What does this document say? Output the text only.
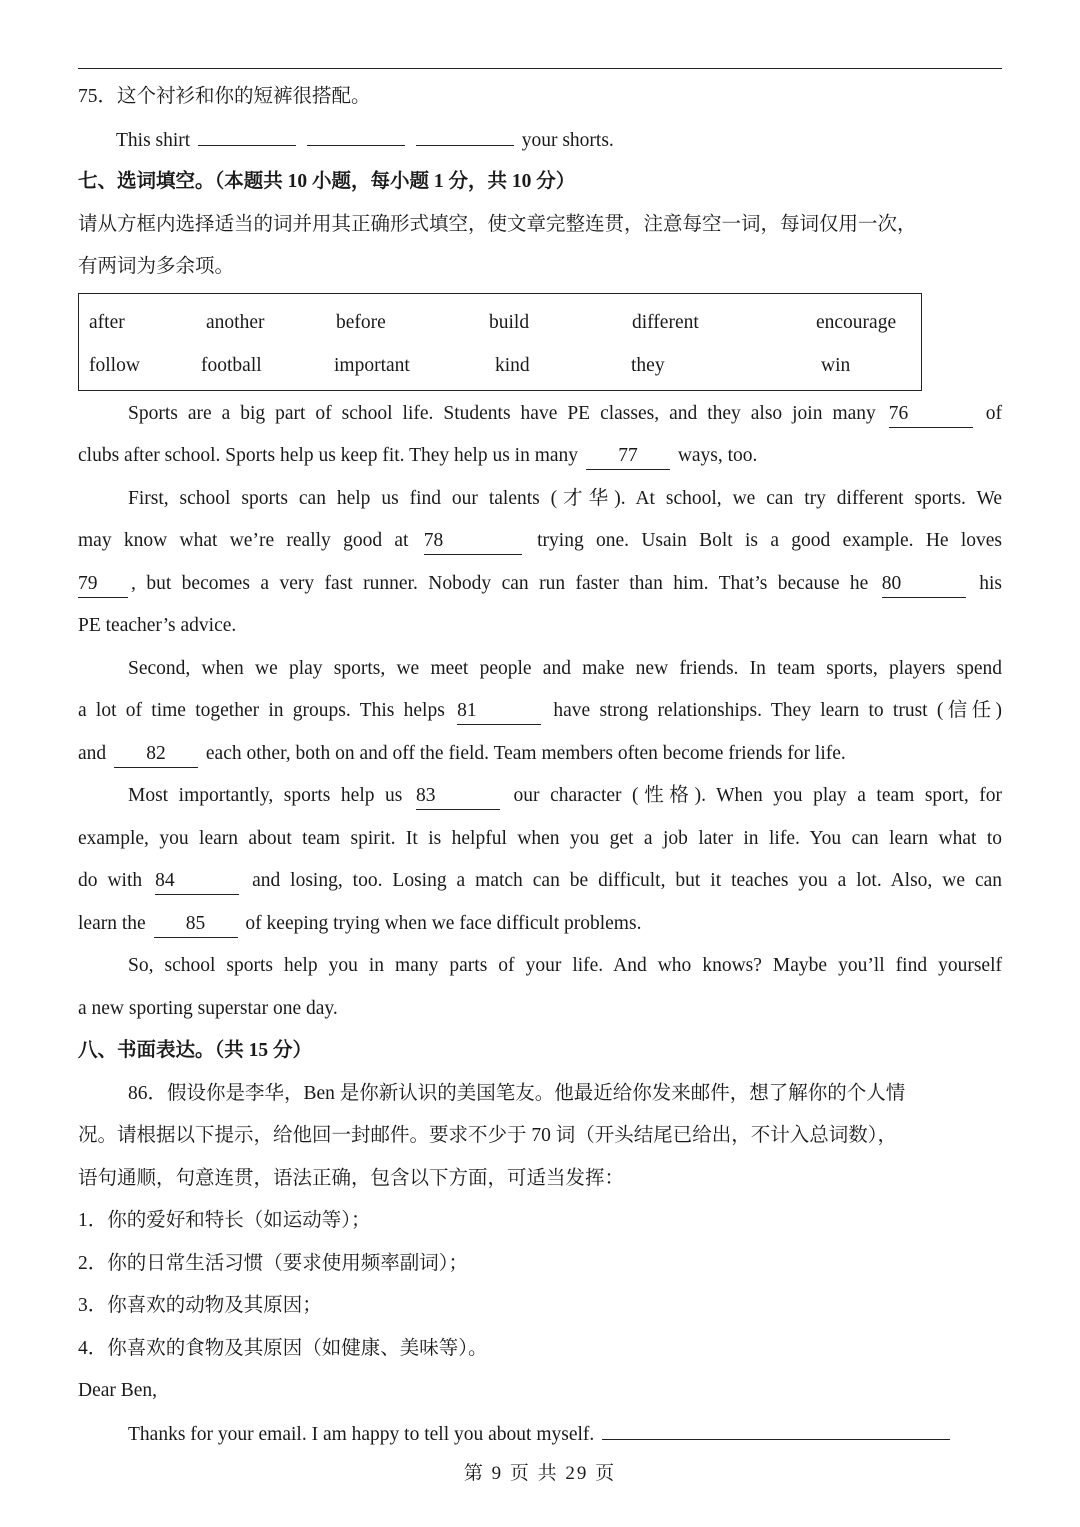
75．这个衬衫和你的短裤很搭配。
This shirt	your shorts.
七、选词填空。（本题共 10 小题，每小题 1 分，共 10 分）
请从方框内选择适当的词并用其正确形式填空，使文章完整连贯，注意每空一词，每词仅用一次，
有两词为多余项。
after	another	before	build	different	encourage
follow	football	important	kind	they	win
Sports are a big part of school life. Students have PE classes, and they also join many 76	of
clubs after school. Sports help us keep fit. They help us in many 77 ways, too.
First, school sports can help us find our talents (才华). At school, we can try different sports. We
may know what we’re really good at 78	trying one. Usain Bolt is a good example. He loves
79 , but becomes a very fast runner. Nobody can run faster than him. That’s because he 80	his
PE teacher’s advice.
Second, when we play sports, we meet people and make new friends. In team sports, players spend
a lot of time together in groups. This helps 81	have strong relationships. They learn to trust (信任)
and 82 each other, both on and off the field. Team members often become friends for life.
Most importantly, sports help us 83	our character (性格). When you play a team sport, for
example, you learn about team spirit. It is helpful when you get a job later in life. You can learn what to
do with 84	and losing, too. Losing a match can be difficult, but it teaches you a lot. Also, we can
learn the 85 of keeping trying when we face difficult problems.
So, school sports help you in many parts of your life. And who knows? Maybe you’ll find yourself
a new sporting superstar one day.
八、书面表达。（共 15 分）
86．假设你是李华，Ben 是你新认识的美国笔友。他最近给你发来邮件，想了解你的个人情
况。请根据以下提示，给他回一封邮件。要求不少于 70 词（开头结尾已给出，不计入总词数），
语句通顺，句意连贯，语法正确，包含以下方面，可适当发挥：
1．你的爱好和特长（如运动等）；
2．你的日常生活习惯（要求使用频率副词）；
3．你喜欢的动物及其原因；
4．你喜欢的食物及其原因（如健康、美味等）。
Dear Ben,
Thanks for your email. I am happy to tell you about myself.
第 9 页 共 29 页
